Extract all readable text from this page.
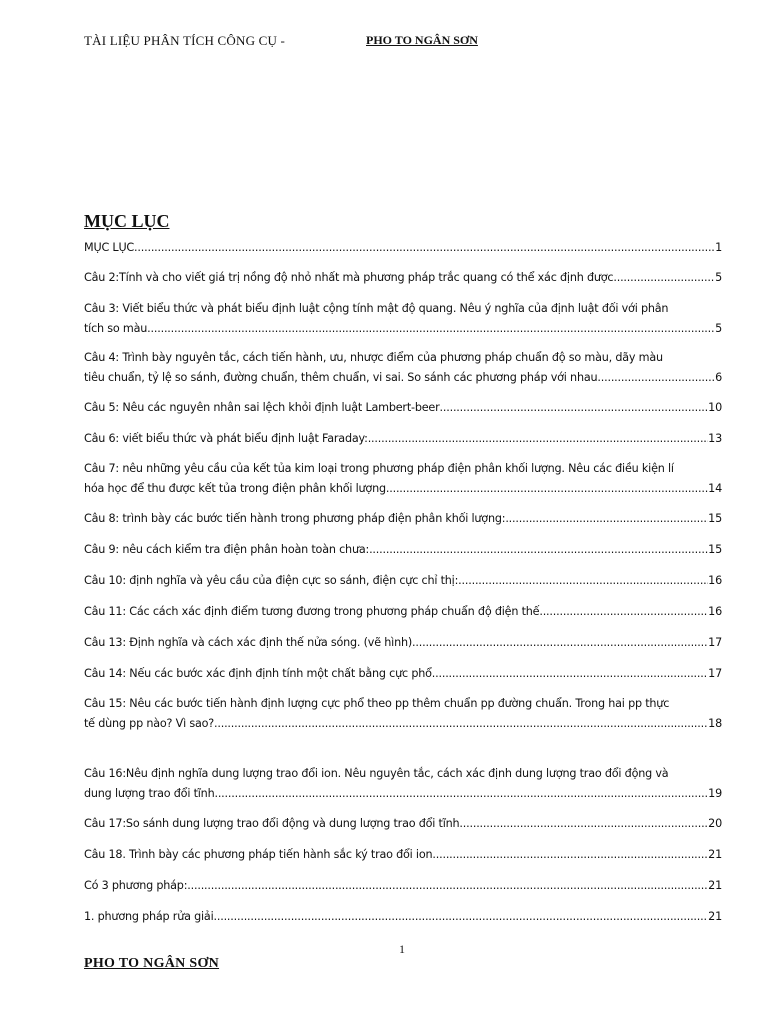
TÀI LIỆU PHÂN TÍCH CÔNG CỤ -	PHO TO NGÂN SƠN
MỤC LỤC
MỤC LỤC .....	1
Câu 2:Tính và cho viết giá trị nồng độ nhỏ nhất mà phương pháp trắc quang có thể xác định được. .....	5
Câu 3: Viết biểu thức và phát biểu định luật cộng tính mật độ quang. Nêu ý nghĩa của định luật đối với phân
tích so màu .....	5
Câu 4: Trình bày nguyên tắc, cách tiến hành, ưu, nhược điểm của phương pháp chuẩn độ so màu, dãy màu
tiêu chuẩn, tỷ lệ so sánh, đường chuẩn, thêm chuẩn, vi sai. So sánh các phương pháp với nhau .....	6
Câu 5: Nêu các nguyên nhân sai lệch khỏi định luật Lambert-beer .....	10
Câu 6: viết biểu thức và phát biểu định luật Faraday: .....	13
Câu 7: nêu những yêu cầu của kết tủa kim loại trong phương pháp điện phân khối lượng. Nêu các điều kiện lí
hóa học để thu được kết tủa trong điện phân khối lượng .....	14
Câu 8: trình bày các bước tiến hành trong phương pháp điện phân khối lượng: .....	15
Câu 9: nêu cách kiểm tra điện phân hoàn toàn chưa: .....	15
Câu 10: định nghĩa và yêu cầu của điện cực so sánh, điện cực chỉ thị: .....	16
Câu 11: Các cách xác định điểm tương đương trong phương pháp chuẩn độ điện thế. .....	16
Câu 13: Định nghĩa và cách xác định thế nửa sóng. (vẽ hình) .....	17
Câu 14: Nếu các bước xác định định tính một chất bằng cực phổ. .....	17
Câu 15: Nêu các bước tiến hành định lượng cực phổ theo pp thêm chuẩn pp đường chuẩn. Trong hai pp thực
tế dùng pp nào? Vì sao? .....	18
Câu 16:Nêu định nghĩa dung lượng trao đổi ion. Nêu nguyên tắc, cách xác định dung lượng trao đổi động và
dung lượng trao đổi tĩnh .....	19
Câu 17:So sánh dung lượng trao đổi động và dung lượng trao đổi tĩnh. .....	20
Câu 18. Trình bày các phương pháp tiến hành sắc ký trao đổi ion .....	21
Có 3 phương pháp: .....	21
1. phương pháp rửa giải .....	21
1
PHO TO NGÂN SƠN
